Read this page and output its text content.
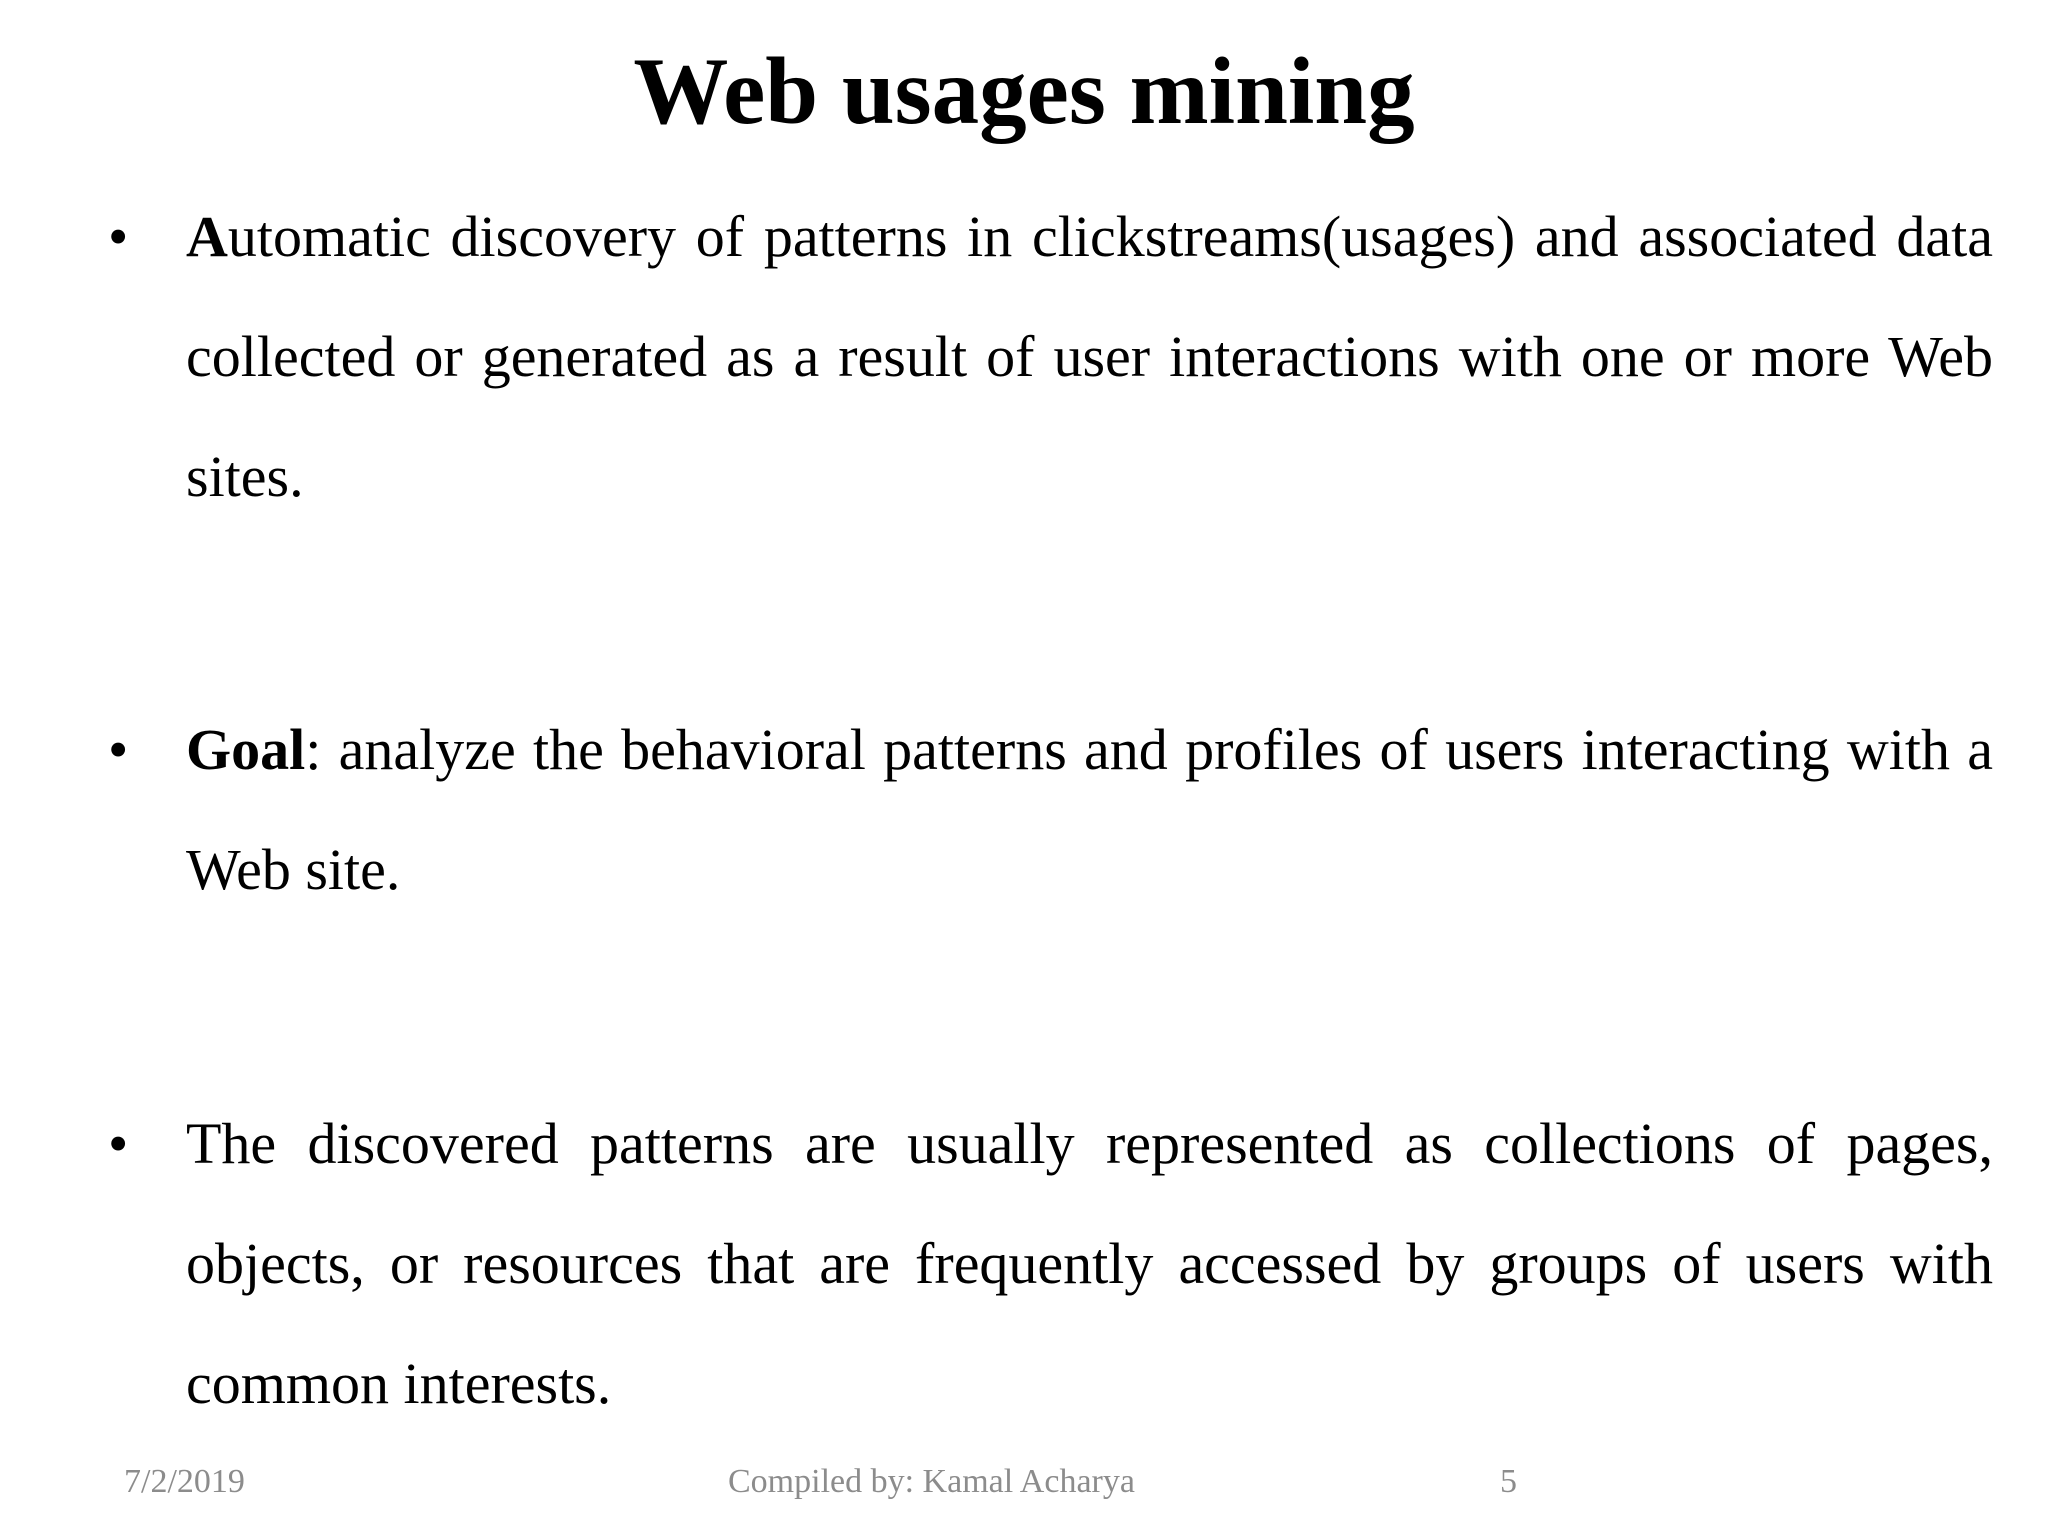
Web usages mining
• Automatic discovery of patterns in clickstreams(usages) and associated data collected or generated as a result of user interactions with one or more Web sites.
• Goal: analyze the behavioral patterns and profiles of users interacting with a Web site.
• The discovered patterns are usually represented as collections of pages, objects, or resources that are frequently accessed by groups of users with common interests.
7/2/2019	Compiled by: Kamal Acharya	5
